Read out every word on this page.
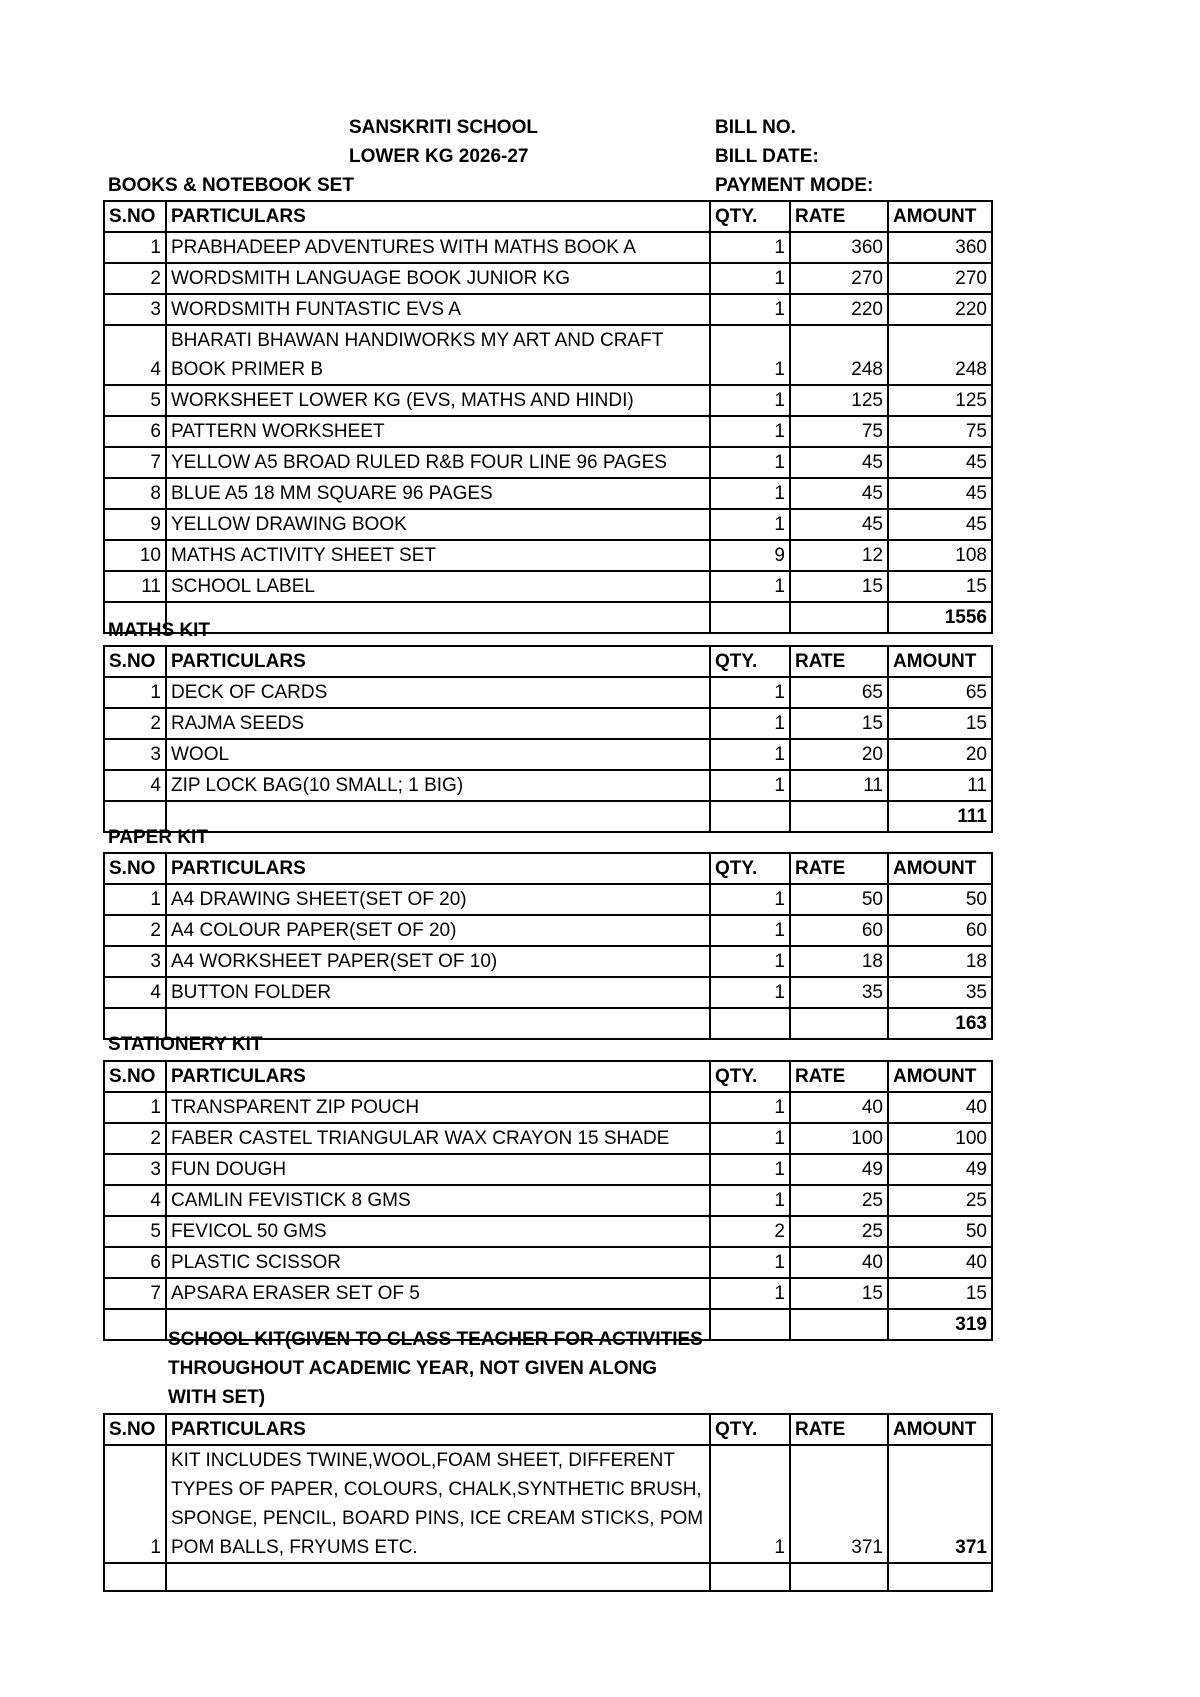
SANSKRITI SCHOOL
LOWER KG 2026-27
BILL NO.
BILL DATE:
PAYMENT MODE:
BOOKS & NOTEBOOK SET
S.NO	PARTICULARS	QTY.	RATE	AMOUNT
1	PRABHADEEP ADVENTURES WITH MATHS BOOK A	1	360	360
2	WORDSMITH LANGUAGE BOOK JUNIOR KG	1	270	270
3	WORDSMITH FUNTASTIC EVS A	1	220	220
4	BHARATI BHAWAN HANDIWORKS MY ART AND CRAFT BOOK PRIMER B	1	248	248
5	WORKSHEET LOWER KG (EVS, MATHS AND HINDI)	1	125	125
6	PATTERN WORKSHEET	1	75	75
7	YELLOW A5 BROAD RULED R&B FOUR LINE 96 PAGES	1	45	45
8	BLUE A5 18 MM SQUARE 96 PAGES	1	45	45
9	YELLOW DRAWING BOOK	1	45	45
10	MATHS ACTIVITY SHEET SET	9	12	108
11	SCHOOL LABEL	1	15	15
				1556
MATHS KIT
S.NO	PARTICULARS	QTY.	RATE	AMOUNT
1	DECK OF CARDS	1	65	65
2	RAJMA SEEDS	1	15	15
3	WOOL	1	20	20
4	ZIP LOCK BAG(10 SMALL; 1 BIG)	1	11	11
				111
PAPER KIT
S.NO	PARTICULARS	QTY.	RATE	AMOUNT
1	A4 DRAWING SHEET(SET OF 20)	1	50	50
2	A4 COLOUR PAPER(SET OF 20)	1	60	60
3	A4 WORKSHEET PAPER(SET OF 10)	1	18	18
4	BUTTON FOLDER	1	35	35
				163
STATIONERY KIT
S.NO	PARTICULARS	QTY.	RATE	AMOUNT
1	TRANSPARENT ZIP POUCH	1	40	40
2	FABER CASTEL TRIANGULAR WAX CRAYON 15 SHADE	1	100	100
3	FUN DOUGH	1	49	49
4	CAMLIN FEVISTICK 8 GMS	1	25	25
5	FEVICOL 50 GMS	2	25	50
6	PLASTIC SCISSOR	1	40	40
7	APSARA ERASER SET OF 5	1	15	15
				319
SCHOOL KIT(GIVEN TO CLASS TEACHER FOR ACTIVITIES THROUGHOUT ACADEMIC YEAR, NOT GIVEN ALONG WITH SET)
S.NO	PARTICULARS	QTY.	RATE	AMOUNT
1	KIT INCLUDES TWINE,WOOL,FOAM SHEET, DIFFERENT TYPES OF PAPER, COLOURS, CHALK,SYNTHETIC BRUSH, SPONGE, PENCIL, BOARD PINS, ICE CREAM STICKS, POM POM BALLS, FRYUMS ETC.	1	371	371
